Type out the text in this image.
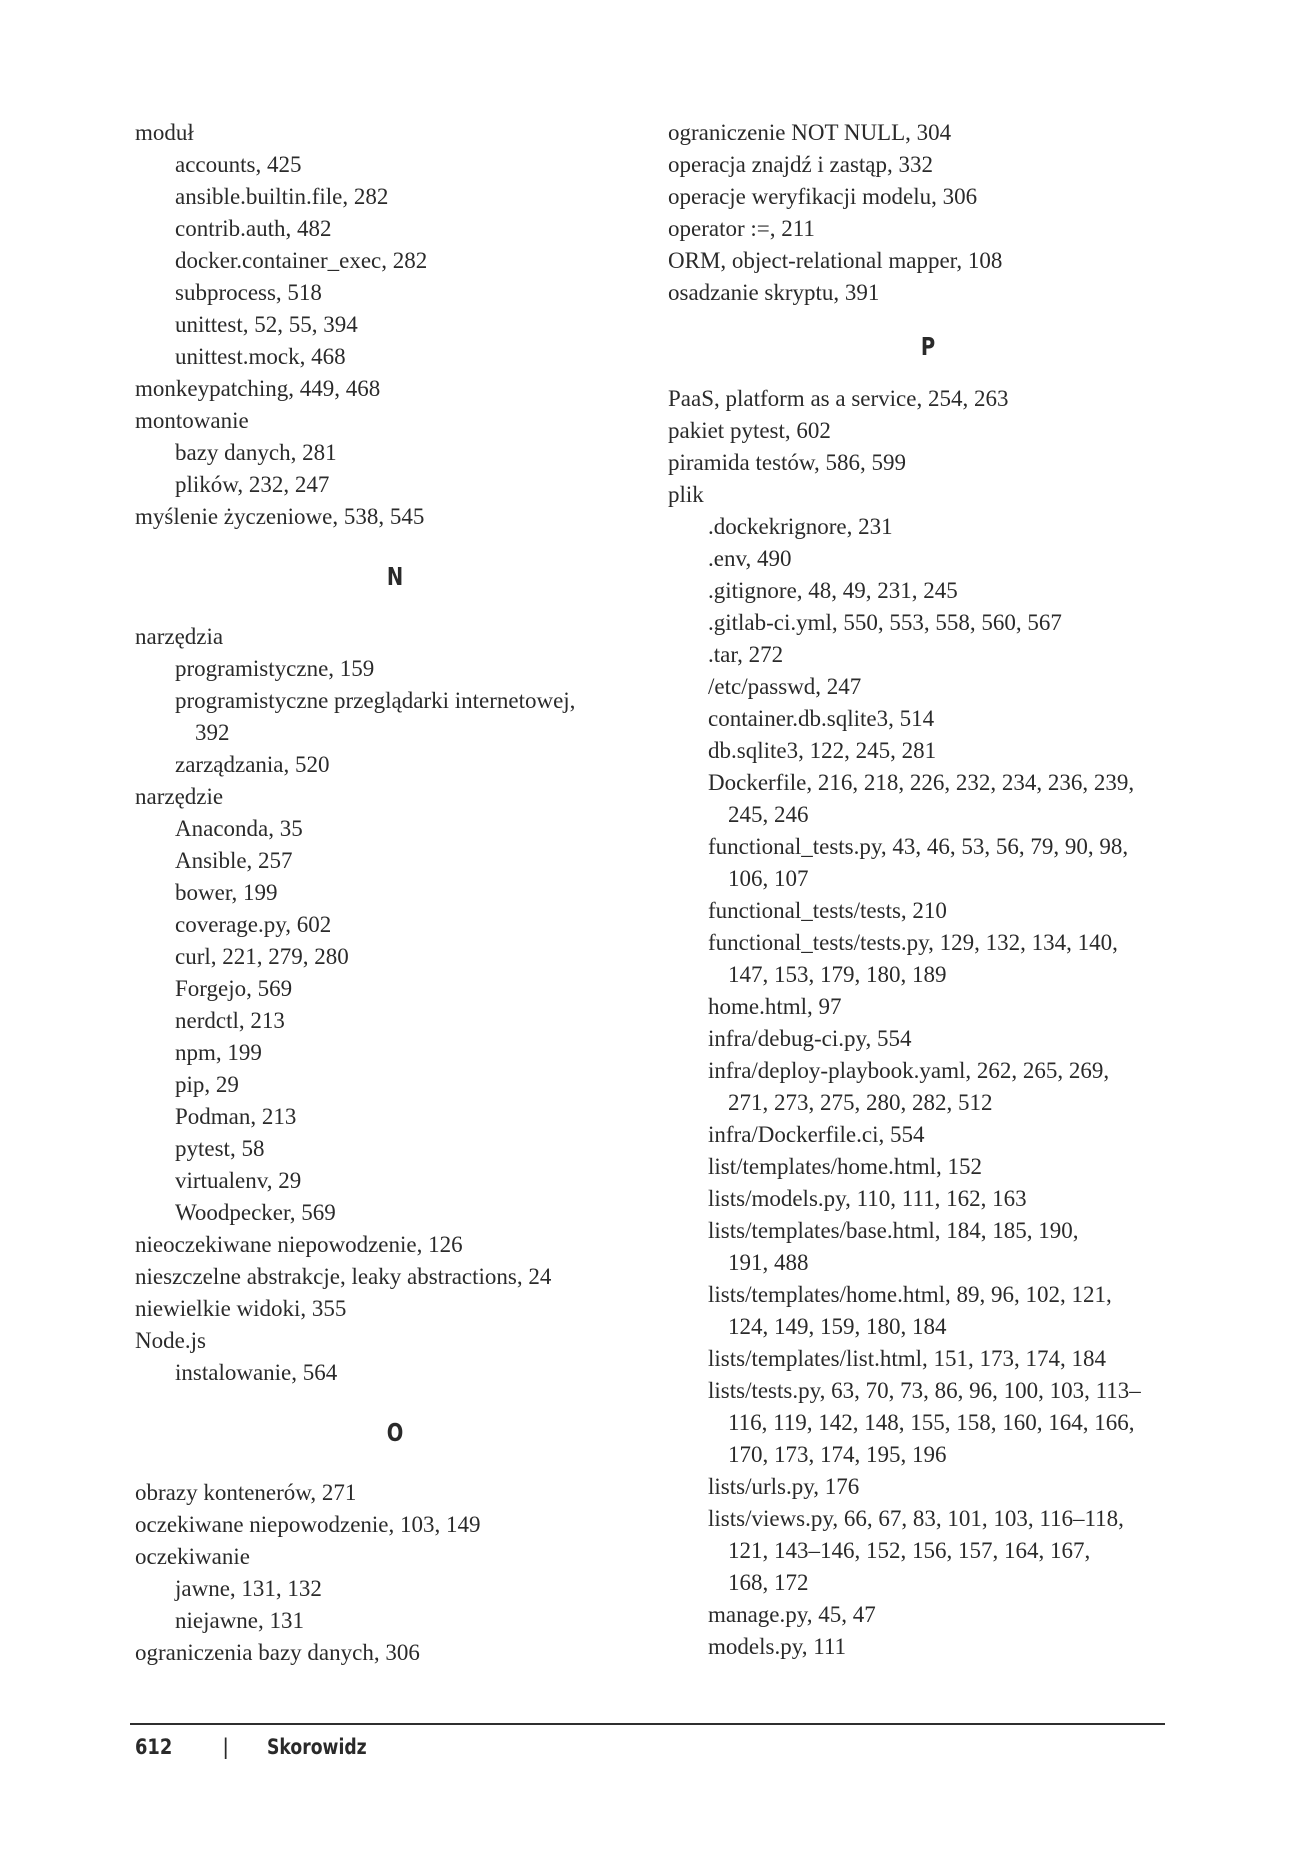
moduł
accounts, 425
ansible.builtin.file, 282
contrib.auth, 482
docker.container_exec, 282
subprocess, 518
unittest, 52, 55, 394
unittest.mock, 468
monkeypatching, 449, 468
montowanie
bazy danych, 281
plików, 232, 247
myślenie życzeniowe, 538, 545
N
narzędzia
programistyczne, 159
programistyczne przeglądarki internetowej,
392
zarządzania, 520
narzędzie
Anaconda, 35
Ansible, 257
bower, 199
coverage.py, 602
curl, 221, 279, 280
Forgejo, 569
nerdctl, 213
npm, 199
pip, 29
Podman, 213
pytest, 58
virtualenv, 29
Woodpecker, 569
nieoczekiwane niepowodzenie, 126
nieszczelne abstrakcje, leaky abstractions, 24
niewielkie widoki, 355
Node.js
instalowanie, 564
O
obrazy kontenerów, 271
oczekiwane niepowodzenie, 103, 149
oczekiwanie
jawne, 131, 132
niejawne, 131
ograniczenia bazy danych, 306
ograniczenie NOT NULL, 304
operacja znajdź i zastąp, 332
operacje weryfikacji modelu, 306
operator :=, 211
ORM, object-relational mapper, 108
osadzanie skryptu, 391
P
PaaS, platform as a service, 254, 263
pakiet pytest, 602
piramida testów, 586, 599
plik
.dockekrignore, 231
.env, 490
.gitignore, 48, 49, 231, 245
.gitlab-ci.yml, 550, 553, 558, 560, 567
.tar, 272
/etc/passwd, 247
container.db.sqlite3, 514
db.sqlite3, 122, 245, 281
Dockerfile, 216, 218, 226, 232, 234, 236, 239,
245, 246
functional_tests.py, 43, 46, 53, 56, 79, 90, 98,
106, 107
functional_tests/tests, 210
functional_tests/tests.py, 129, 132, 134, 140,
147, 153, 179, 180, 189
home.html, 97
infra/debug-ci.py, 554
infra/deploy-playbook.yaml, 262, 265, 269,
271, 273, 275, 280, 282, 512
infra/Dockerfile.ci, 554
list/templates/home.html, 152
lists/models.py, 110, 111, 162, 163
lists/templates/base.html, 184, 185, 190,
191, 488
lists/templates/home.html, 89, 96, 102, 121,
124, 149, 159, 180, 184
lists/templates/list.html, 151, 173, 174, 184
lists/tests.py, 63, 70, 73, 86, 96, 100, 103, 113–
116, 119, 142, 148, 155, 158, 160, 164, 166,
170, 173, 174, 195, 196
lists/urls.py, 176
lists/views.py, 66, 67, 83, 101, 103, 116–118,
121, 143–146, 152, 156, 157, 164, 167,
168, 172
manage.py, 45, 47
models.py, 111
612 | Skorowidz
